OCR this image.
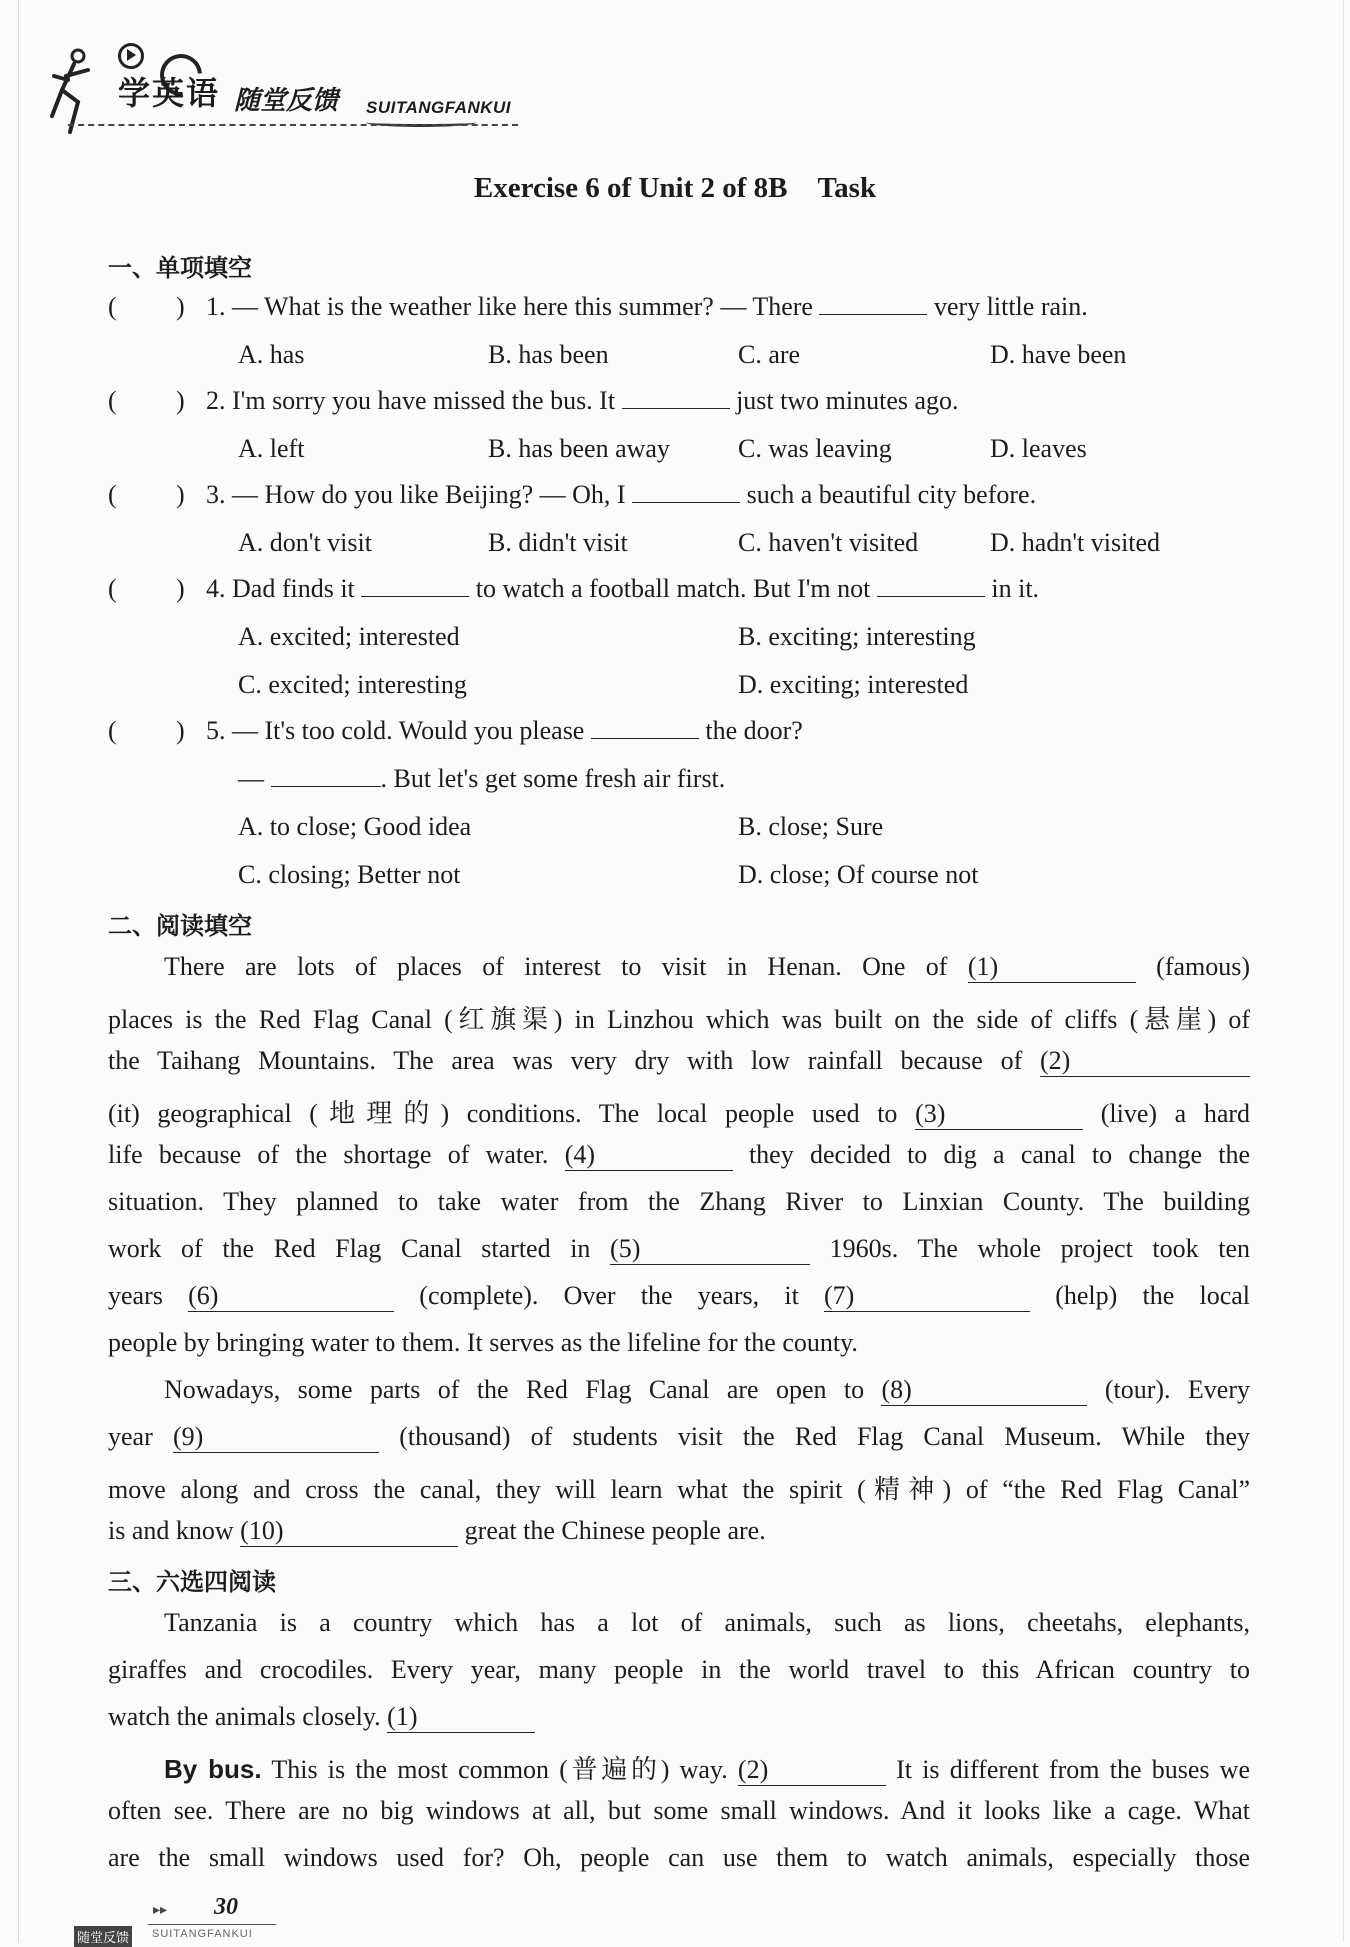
学英语 随堂反馈 SUITANGFANKUI
Exercise 6 of Unit 2 of 8B Task
一、单项填空
( ) 1. — What is the weather like here this summer? — There	very little rain.
A. has	B. has been	C. are	D. have been
( ) 2. I'm sorry you have missed the bus. It	just two minutes ago.
A. left	B. has been away	C. was leaving	D. leaves
( ) 3. — How do you like Beijing? — Oh, I	such a beautiful city before.
A. don't visit	B. didn't visit	C. haven't visited	D. hadn't visited
( ) 4. Dad finds it	to watch a football match. But I'm not	in it.
A. excited; interested	B. exciting; interesting
C. excited; interesting	D. exciting; interested
( ) 5. — It's too cold. Would you please	the door?
—	. But let's get some fresh air first.
A. to close; Good idea	B. close; Sure
C. closing; Better not	D. close; Of course not
二、阅读填空
There are lots of places of interest to visit in Henan. One of (1)	(famous)
places is the Red Flag Canal (红旗渠) in Linzhou which was built on the side of cliffs (悬崖) of
the Taihang Mountains. The area was very dry with low rainfall because of (2)
(it) geographical (地理的) conditions. The local people used to (3)	(live) a hard
life because of the shortage of water. (4)	they decided to dig a canal to change the
situation. They planned to take water from the Zhang River to Linxian County. The building
work of the Red Flag Canal started in (5)	1960s. The whole project took ten
years (6)	(complete). Over the years, it (7)	(help) the local
people by bringing water to them. It serves as the lifeline for the county.
Nowadays, some parts of the Red Flag Canal are open to (8)	(tour). Every
year (9)	(thousand) of students visit the Red Flag Canal Museum. While they
move along and cross the canal, they will learn what the spirit (精神) of “the Red Flag Canal”
is and know (10)	great the Chinese people are.
三、六选四阅读
Tanzania is a country which has a lot of animals, such as lions, cheetahs, elephants,
giraffes and crocodiles. Every year, many people in the world travel to this African country to
watch the animals closely. (1)
By bus. This is the most common (普遍的) way. (2)	It is different from the buses we
often see. There are no big windows at all, but some small windows. And it looks like a cage. What
are the small windows used for? Oh, people can use them to watch animals, especially those
▸▸ 30
随堂反馈 SUITANGFANKUI
